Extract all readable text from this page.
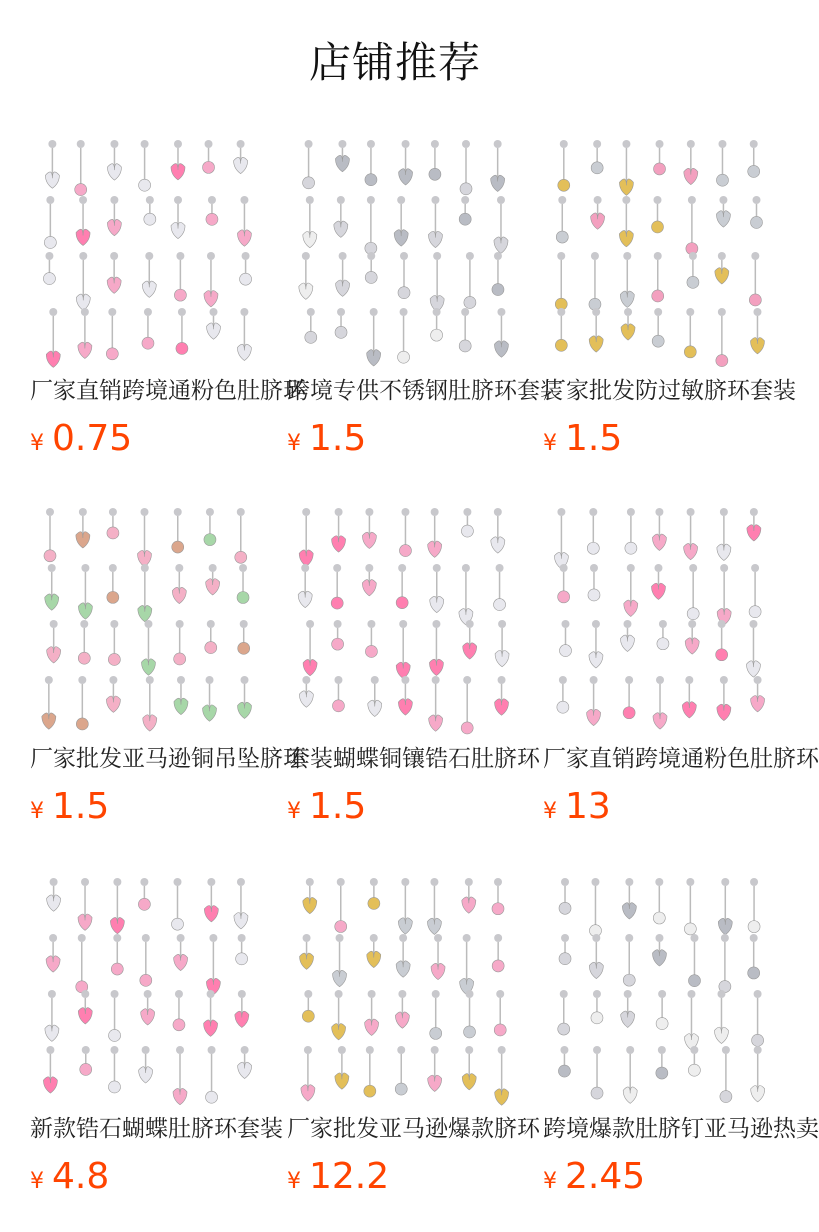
店铺推荐
厂家直销跨境通粉色肚脐环
¥ 0.75
跨境专供不锈钢肚脐环套装
¥ 1.5
厂家批发防过敏脐环套装
¥ 1.5
厂家批发亚马逊铜吊坠脐环
¥ 1.5
套装蝴蝶铜镶锆石肚脐环
¥ 1.5
厂家直销跨境通粉色肚脐环
¥ 13
新款锆石蝴蝶肚脐环套装
¥ 4.8
厂家批发亚马逊爆款脐环
¥ 12.2
跨境爆款肚脐钉亚马逊热卖
¥ 2.45
